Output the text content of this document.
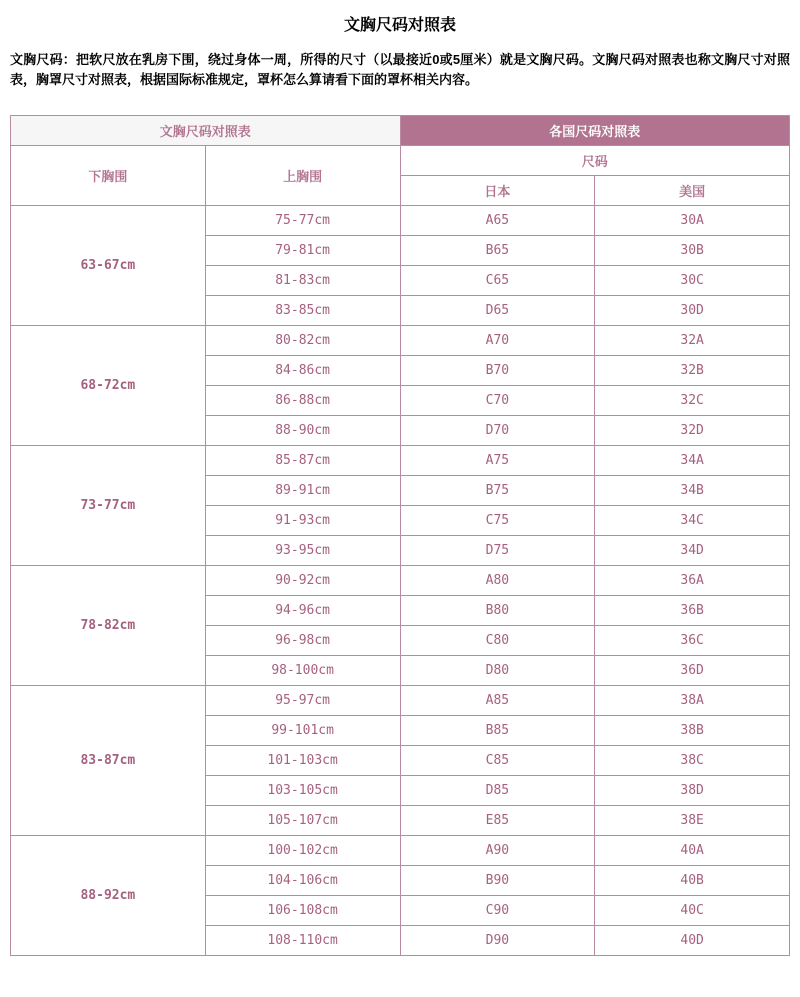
文胸尺码对照表

文胸尺码：把软尺放在乳房下围，绕过身体一周，所得的尺寸（以最接近0或5厘米）就是文胸尺码。文胸尺码对照表也称文胸尺寸对照表，胸罩尺寸对照表，根据国际标准规定，罩杯怎么算请看下面的罩杯相关内容。

文胸尺码对照表		各国尺码对照表	
下胸围	上胸围	尺码	
		日本	美国
63-67cm	75-77cm	A65	30A
	79-81cm	B65	30B
	81-83cm	C65	30C
	83-85cm	D65	30D
68-72cm	80-82cm	A70	32A
	84-86cm	B70	32B
	86-88cm	C70	32C
	88-90cm	D70	32D
73-77cm	85-87cm	A75	34A
	89-91cm	B75	34B
	91-93cm	C75	34C
	93-95cm	D75	34D
78-82cm	90-92cm	A80	36A
	94-96cm	B80	36B
	96-98cm	C80	36C
	98-100cm	D80	36D
83-87cm	95-97cm	A85	38A
	99-101cm	B85	38B
	101-103cm	C85	38C
	103-105cm	D85	38D
	105-107cm	E85	38E
88-92cm	100-102cm	A90	40A
	104-106cm	B90	40B
	106-108cm	C90	40C
	108-110cm	D90	40D
